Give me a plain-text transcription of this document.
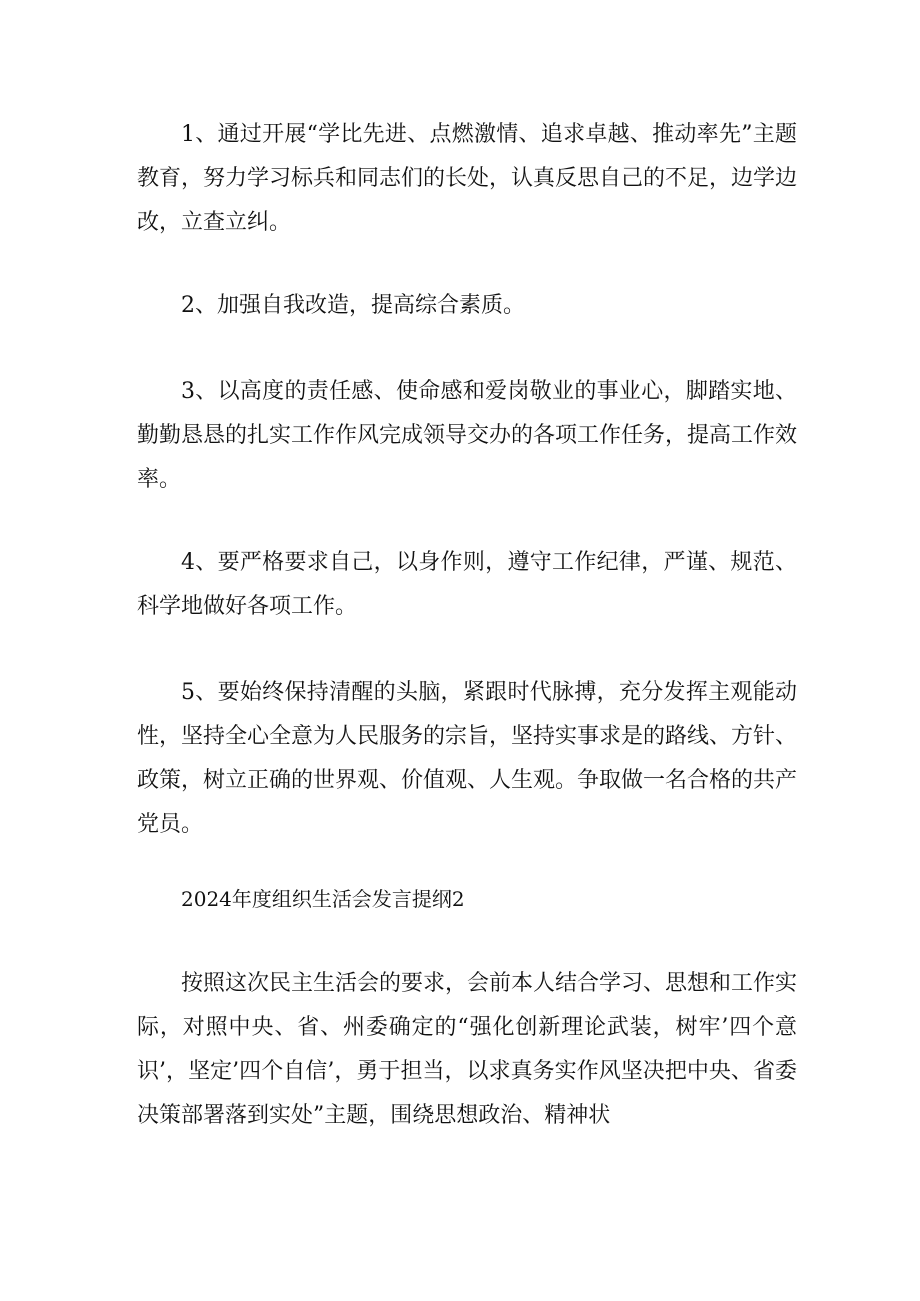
1、通过开展“学比先进、点燃激情、追求卓越、推动率先”主题教育，努力学习标兵和同志们的长处，认真反思自己的不足，边学边改，立查立纠。

2、加强自我改造，提高综合素质。

3、以高度的责任感、使命感和爱岗敬业的事业心，脚踏实地、勤勤恳恳的扎实工作作风完成领导交办的各项工作任务，提高工作效率。

4、要严格要求自己，以身作则，遵守工作纪律，严谨、规范、科学地做好各项工作。

5、要始终保持清醒的头脑，紧跟时代脉搏，充分发挥主观能动性，坚持全心全意为人民服务的宗旨，坚持实事求是的路线、方针、政策，树立正确的世界观、价值观、人生观。争取做一名合格的共产党员。

2024年度组织生活会发言提纲2

按照这次民主生活会的要求，会前本人结合学习、思想和工作实际，对照中央、省、州委确定的“强化创新理论武装，树牢’四个意识’，坚定’四个自信’，勇于担当，以求真务实作风坚决把中央、省委决策部署落到实处”主题，围绕思想政治、精神状
